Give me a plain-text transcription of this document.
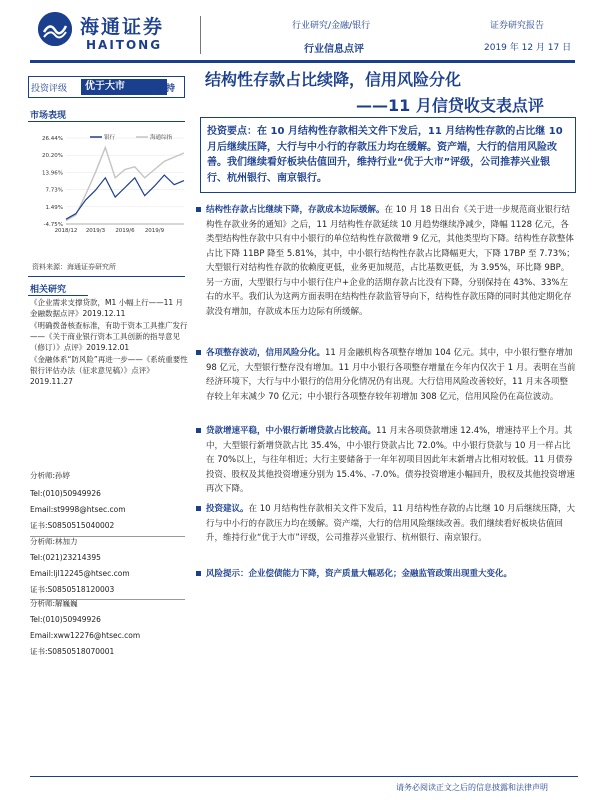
海通证券
HAITONG
行业研究/金融/银行
行业信息点评
证券研究报告
2019 年 12 月 17 日
投资评级	优于大市	维持
市场表现
26.44%
20.20%
13.96%
7.73%
1.49%
-4.75%
2018/12 2019/3 2019/6 2019/9
银行	海通综指
资料来源：海通证券研究所
相关研究
《企业需求支撑贷款，M1 小幅上行——11 月金融数据点评》2019.12.11
《明确拨备核查标准，有助于资本工具推广发行——《关于商业银行资本工具创新的指导意见（修订）》点评》2019.12.01
《金融体系“防风险”再进一步——《系统重要性银行评估办法（征求意见稿）》点评》2019.11.27
分析师:孙婷
Tel:(010)50949926
Email:st9998@htsec.com
证书:S0850515040002
分析师:林加力
Tel:(021)23214395
Email:ljl12245@htsec.com
证书:S0850518120003
分析师:解巍巍
Tel:(010)50949926
Email:xww12276@htsec.com
证书:S0850518070001
结构性存款占比续降，信用风险分化
——11 月信贷收支表点评
投资要点：在 10 月结构性存款相关文件下发后，11 月结构性存款的占比继 10 月后继续压降，大行与中小行的存款压力均在缓解。资产端，大行的信用风险改善。我们继续看好板块估值回升，维持行业“优于大市”评级，公司推荐兴业银行、杭州银行、南京银行。
结构性存款占比继续下降，存款成本边际缓解。在 10 月 18 日出台《关于进一步规范商业银行结构性存款业务的通知》之后，11 月结构性存款延续 10 月趋势继续净减少，降幅 1128 亿元，各类型结构性存款中只有中小银行的单位结构性存款微增 9 亿元，其他类型均下降。结构性存款整体占比下降 11BP 降至 5.81%，其中，中小银行结构性存款占比降幅更大，下降 17BP 至 7.73%；大型银行对结构性存款的依赖度更低，业务更加规范，占比基数更低，为 3.95%，环比降 9BP。另一方面，大型银行与中小银行住户+企业的活期存款占比没有下降，分别保持在 43%、33%左右的水平。我们认为这两方面表明在结构性存款监管导向下，结构性存款压降的同时其他定期化存款没有增加，存款成本压力边际有所缓解。
各项整存波动，信用风险分化。11 月金融机构各项整存增加 104 亿元。其中，中小银行整存增加 98 亿元，大型银行整存没有增加。11 月中小银行各项整存增量在今年内仅次于 1 月。表明在当前经济环境下，大行与中小银行的信用分化情况仍有出现。大行信用风险改善较好，11 月末各项整存较上年末减少 70 亿元；中小银行各项整存较年初增加 308 亿元，信用风险仍在高位波动。
贷款增速平稳，中小银行新增贷款占比较高。11 月末各项贷款增速 12.4%，增速持平上个月。其中，大型银行新增贷款占比 35.4%，中小银行贷款占比 72.0%。中小银行贷款与 10 月一样占比在 70%以上，与往年相近；大行主要储备于一年年初项目因此年末新增占比相对较低。11 月债券投资、股权及其他投资增速分别为 15.4%、-7.0%。债券投资增速小幅回升，股权及其他投资增速再次下降。
投资建议。在 10 月结构性存款相关文件下发后，11 月结构性存款的占比继 10 月后继续压降，大行与中小行的存款压力均在缓解。资产端，大行的信用风险继续改善。我们继续看好板块估值回升，维持行业“优于大市”评级，公司推荐兴业银行、杭州银行、南京银行。
风险提示：企业偿债能力下降，资产质量大幅恶化；金融监管政策出现重大变化。
请务必阅读正文之后的信息披露和法律声明
